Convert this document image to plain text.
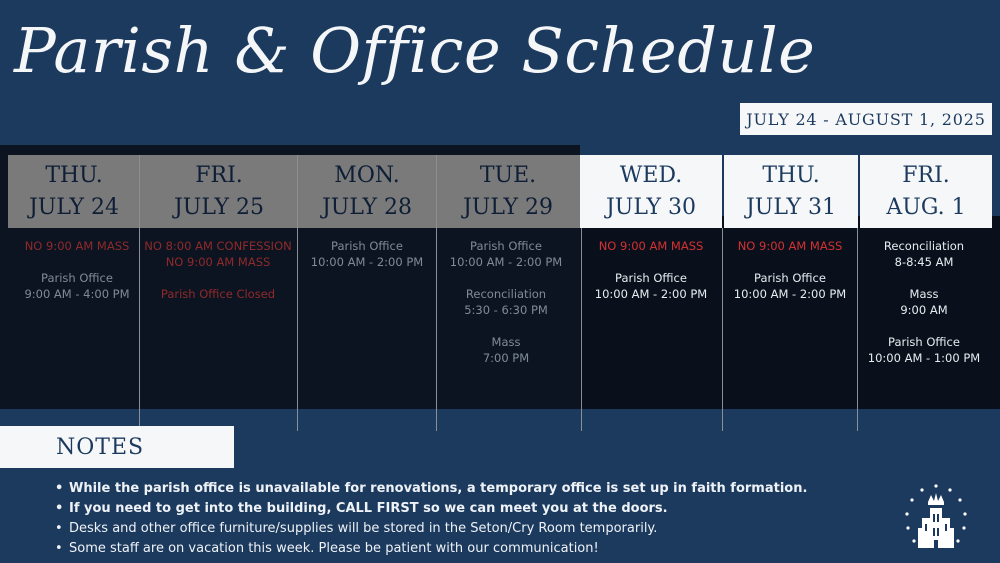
Parish & Office Schedule
JULY 24 - AUGUST 1, 2025
THU.
JULY 24
NO 9:00 AM MASS
Parish Office
9:00 AM - 4:00 PM
FRI.
JULY 25
NO 8:00 AM CONFESSION
NO 9:00 AM MASS
Parish Office Closed
MON.
JULY 28
Parish Office
10:00 AM - 2:00 PM
TUE.
JULY 29
Parish Office
10:00 AM - 2:00 PM
Reconciliation
5:30 - 6:30 PM
Mass
7:00 PM
WED.
JULY 30
NO 9:00 AM MASS
Parish Office
10:00 AM - 2:00 PM
THU.
JULY 31
NO 9:00 AM MASS
Parish Office
10:00 AM - 2:00 PM
FRI.
AUG. 1
Reconciliation
8-8:45 AM
Mass
9:00 AM
Parish Office
10:00 AM - 1:00 PM
NOTES
• While the parish office is unavailable for renovations, a temporary office is set up in faith formation.
• If you need to get into the building, CALL FIRST so we can meet you at the doors.
• Desks and other office furniture/supplies will be stored in the Seton/Cry Room temporarily.
• Some staff are on vacation this week. Please be patient with our communication!
